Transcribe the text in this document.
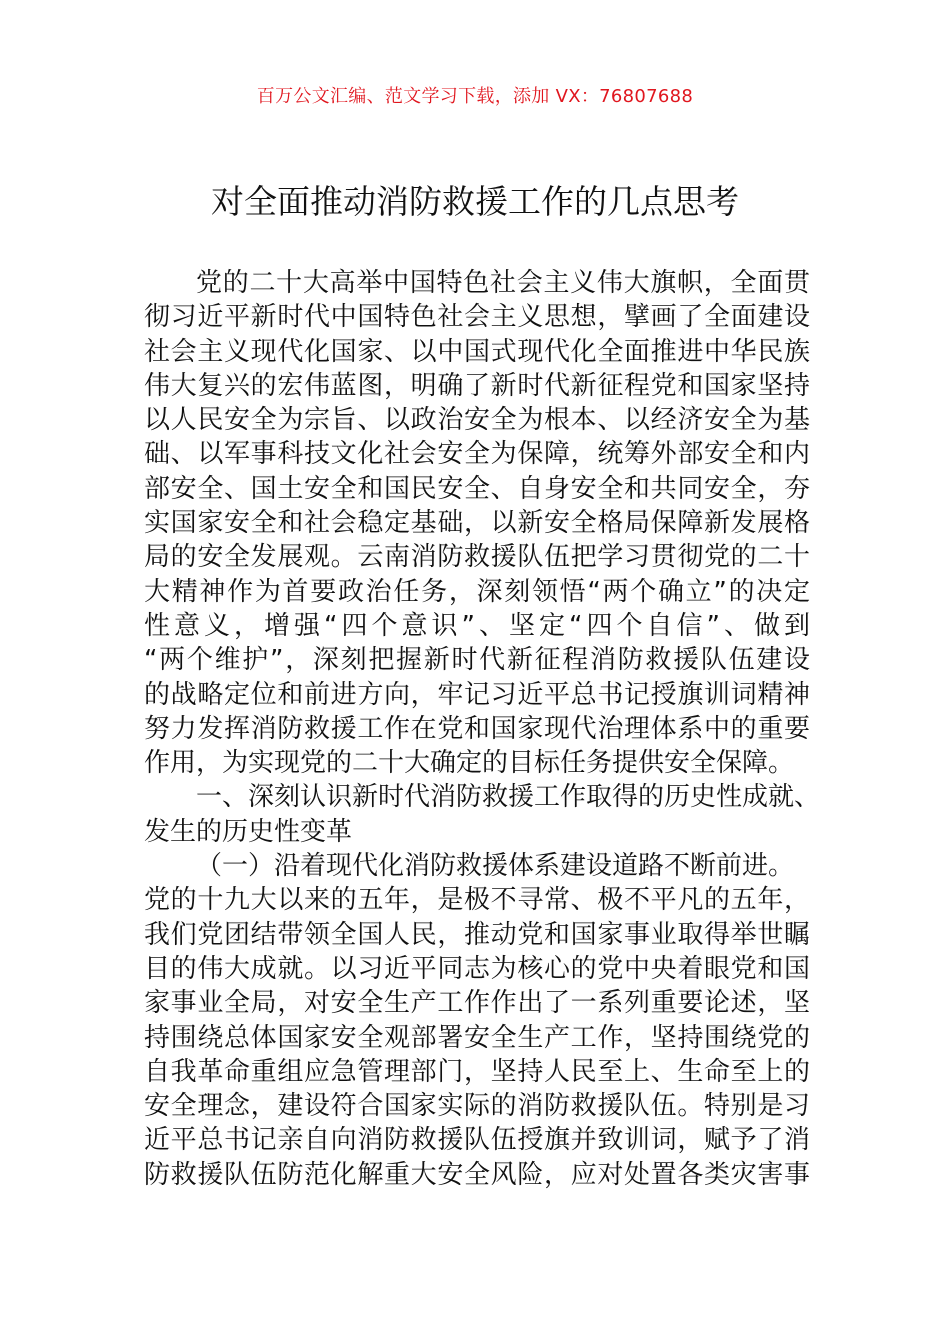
百万公文汇编、范文学习下载，添加 VX：76807688
对全面推动消防救援工作的几点思考
党的二十大高举中国特色社会主义伟大旗帜，全面贯
彻习近平新时代中国特色社会主义思想，擘画了全面建设
社会主义现代化国家、以中国式现代化全面推进中华民族
伟大复兴的宏伟蓝图，明确了新时代新征程党和国家坚持
以人民安全为宗旨、以政治安全为根本、以经济安全为基
础、以军事科技文化社会安全为保障，统筹外部安全和内
部安全、国土安全和国民安全、自身安全和共同安全，夯
实国家安全和社会稳定基础，以新安全格局保障新发展格
局的安全发展观。云南消防救援队伍把学习贯彻党的二十
大精神作为首要政治任务，深刻领悟“两个确立”的决定
性意义，增强“四个意识”、坚定“四个自信”、做到
“两个维护”，深刻把握新时代新征程消防救援队伍建设
的战略定位和前进方向，牢记习近平总书记授旗训词精神
努力发挥消防救援工作在党和国家现代治理体系中的重要
作用，为实现党的二十大确定的目标任务提供安全保障。
一、深刻认识新时代消防救援工作取得的历史性成就、
发生的历史性变革
（一）沿着现代化消防救援体系建设道路不断前进。
党的十九大以来的五年，是极不寻常、极不平凡的五年，
我们党团结带领全国人民，推动党和国家事业取得举世瞩
目的伟大成就。以习近平同志为核心的党中央着眼党和国
家事业全局，对安全生产工作作出了一系列重要论述，坚
持围绕总体国家安全观部署安全生产工作，坚持围绕党的
自我革命重组应急管理部门，坚持人民至上、生命至上的
安全理念，建设符合国家实际的消防救援队伍。特别是习
近平总书记亲自向消防救援队伍授旗并致训词，赋予了消
防救援队伍防范化解重大安全风险，应对处置各类灾害事
